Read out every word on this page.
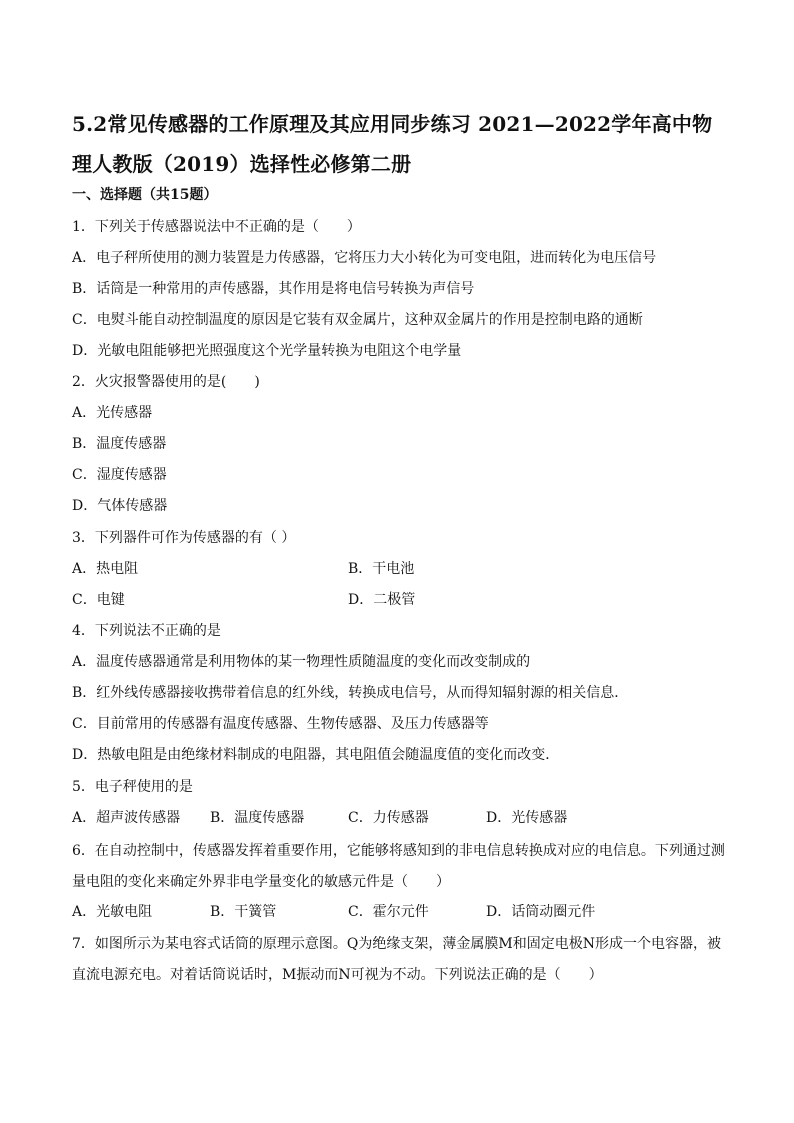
5.2常见传感器的工作原理及其应用同步练习 2021—2022学年高中物理人教版（2019）选择性必修第二册
一、选择题（共15题）
1．下列关于传感器说法中不正确的是（　　）
A．电子秤所使用的测力装置是力传感器，它将压力大小转化为可变电阻，进而转化为电压信号
B．话筒是一种常用的声传感器，其作用是将电信号转换为声信号
C．电熨斗能自动控制温度的原因是它装有双金属片，这种双金属片的作用是控制电路的通断
D．光敏电阻能够把光照强度这个光学量转换为电阻这个电学量
2．火灾报警器使用的是(　　)
A．光传感器
B．温度传感器
C．湿度传感器
D．气体传感器
3．下列器件可作为传感器的有（ ）
A．热电阻	B．干电池
C．电键	D．二极管
4．下列说法不正确的是
A．温度传感器通常是利用物体的某一物理性质随温度的变化而改变制成的
B．红外线传感器接收携带着信息的红外线，转换成电信号，从而得知辐射源的相关信息．
C．目前常用的传感器有温度传感器、生物传感器、及压力传感器等
D．热敏电阻是由绝缘材料制成的电阻器，其电阻值会随温度值的变化而改变．
5．电子秤使用的是
A．超声波传感器 B．温度传感器	C．力传感器	D．光传感器
6．在自动控制中，传感器发挥着重要作用，它能够将感知到的非电信息转换成对应的电信息。下列通过测量电阻的变化来确定外界非电学量变化的敏感元件是（　　）
A．光敏电阻	B．干簧管	C．霍尔元件	D．话筒动圈元件
7．如图所示为某电容式话筒的原理示意图。Q为绝缘支架，薄金属膜M和固定电极N形成一个电容器，被直流电源充电。对着话筒说话时，M振动而N可视为不动。下列说法正确的是（　　）
